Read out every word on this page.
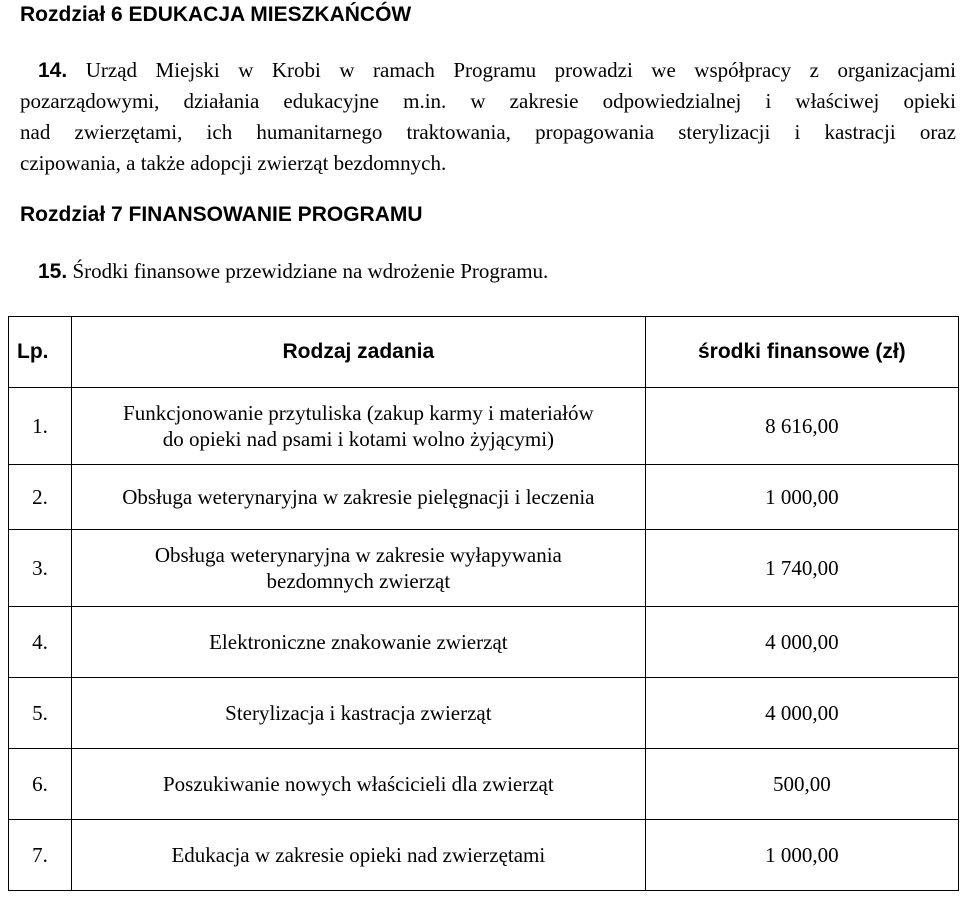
Rozdział 6 EDUKACJA MIESZKAŃCÓW
14. Urząd Miejski w Krobi w ramach Programu prowadzi we współpracy z organizacjami
pozarządowymi, działania edukacyjne m.in. w zakresie odpowiedzialnej i właściwej opieki
nad zwierzętami, ich humanitarnego traktowania, propagowania sterylizacji i kastracji oraz
czipowania, a także adopcji zwierząt bezdomnych.
Rozdział 7 FINANSOWANIE PROGRAMU
15. Środki finansowe przewidziane na wdrożenie Programu.
Lp.	Rodzaj zadania	środki finansowe (zł)
1.	Funkcjonowanie przytuliska (zakup karmy i materiałów
do opieki nad psami i kotami wolno żyjącymi)	8 616,00
2.	Obsługa weterynaryjna w zakresie pielęgnacji i leczenia	1 000,00
3.	Obsługa weterynaryjna w zakresie wyłapywania
bezdomnych zwierząt	1 740,00
4.	Elektroniczne znakowanie zwierząt	4 000,00
5.	Sterylizacja i kastracja zwierząt	4 000,00
6.	Poszukiwanie nowych właścicieli dla zwierząt	500,00
7.	Edukacja w zakresie opieki nad zwierzętami	1 000,00
